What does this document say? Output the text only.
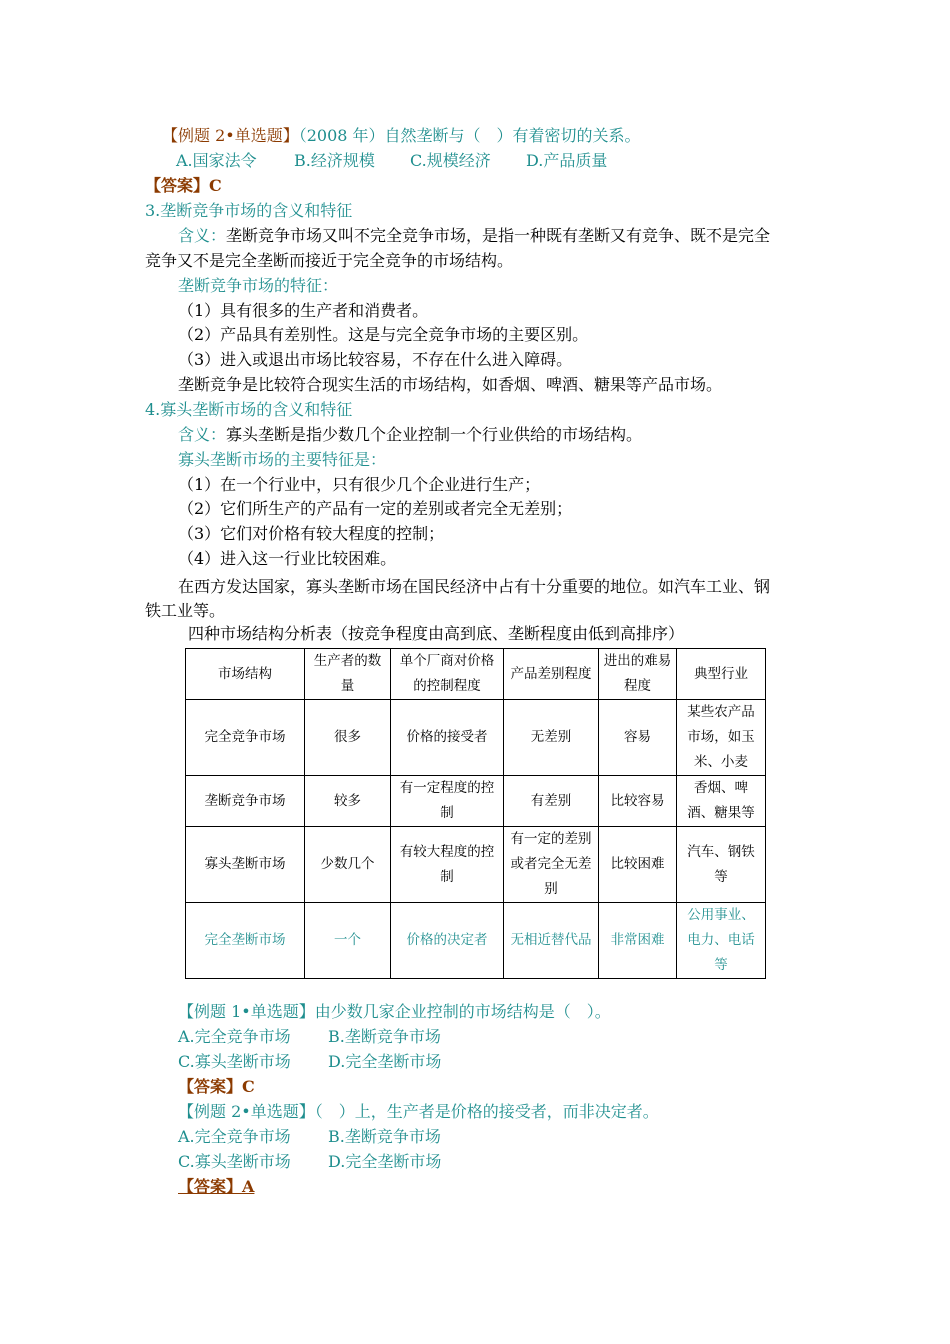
【例题 2•单选题】（2008 年）自然垄断与（　）有着密切的关系。
A.国家法令 B.经济规模 C.规模经济 D.产品质量
【答案】C
3.垄断竞争市场的含义和特征
含义：垄断竞争市场又叫不完全竞争市场，是指一种既有垄断又有竞争、既不是完全
竞争又不是完全垄断而接近于完全竞争的市场结构。
垄断竞争市场的特征：
（1）具有很多的生产者和消费者。
（2）产品具有差别性。这是与完全竞争市场的主要区别。
（3）进入或退出市场比较容易，不存在什么进入障碍。
垄断竞争是比较符合现实生活的市场结构，如香烟、啤酒、糖果等产品市场。
4.寡头垄断市场的含义和特征
含义：寡头垄断是指少数几个企业控制一个行业供给的市场结构。
寡头垄断市场的主要特征是：
（1）在一个行业中，只有很少几个企业进行生产；
（2）它们所生产的产品有一定的差别或者完全无差别；
（3）它们对价格有较大程度的控制；
（4）进入这一行业比较困难。
在西方发达国家，寡头垄断市场在国民经济中占有十分重要的地位。如汽车工业、钢
铁工业等。
四种市场结构分析表（按竞争程度由高到底、垄断程度由低到高排序）
市场结构	生产者的数量	单个厂商对价格的控制程度	产品差别程度	进出的难易程度	典型行业
完全竞争市场	很多	价格的接受者	无差别	容易	某些农产品市场，如玉米、小麦
垄断竞争市场	较多	有一定程度的控制	有差别	比较容易	香烟、啤酒、糖果等
寡头垄断市场	少数几个	有较大程度的控制	有一定的差别或者完全无差别	比较困难	汽车、钢铁等
完全垄断市场	一个	价格的决定者	无相近替代品	非常困难	公用事业、电力、电话等
【例题 1•单选题】由少数几家企业控制的市场结构是（　）。
A.完全竞争市场 B.垄断竞争市场
C.寡头垄断市场 D.完全垄断市场
【答案】C
【例题 2•单选题】（　）上，生产者是价格的接受者，而非决定者。
A.完全竞争市场 B.垄断竞争市场
C.寡头垄断市场 D.完全垄断市场
【答案】A
